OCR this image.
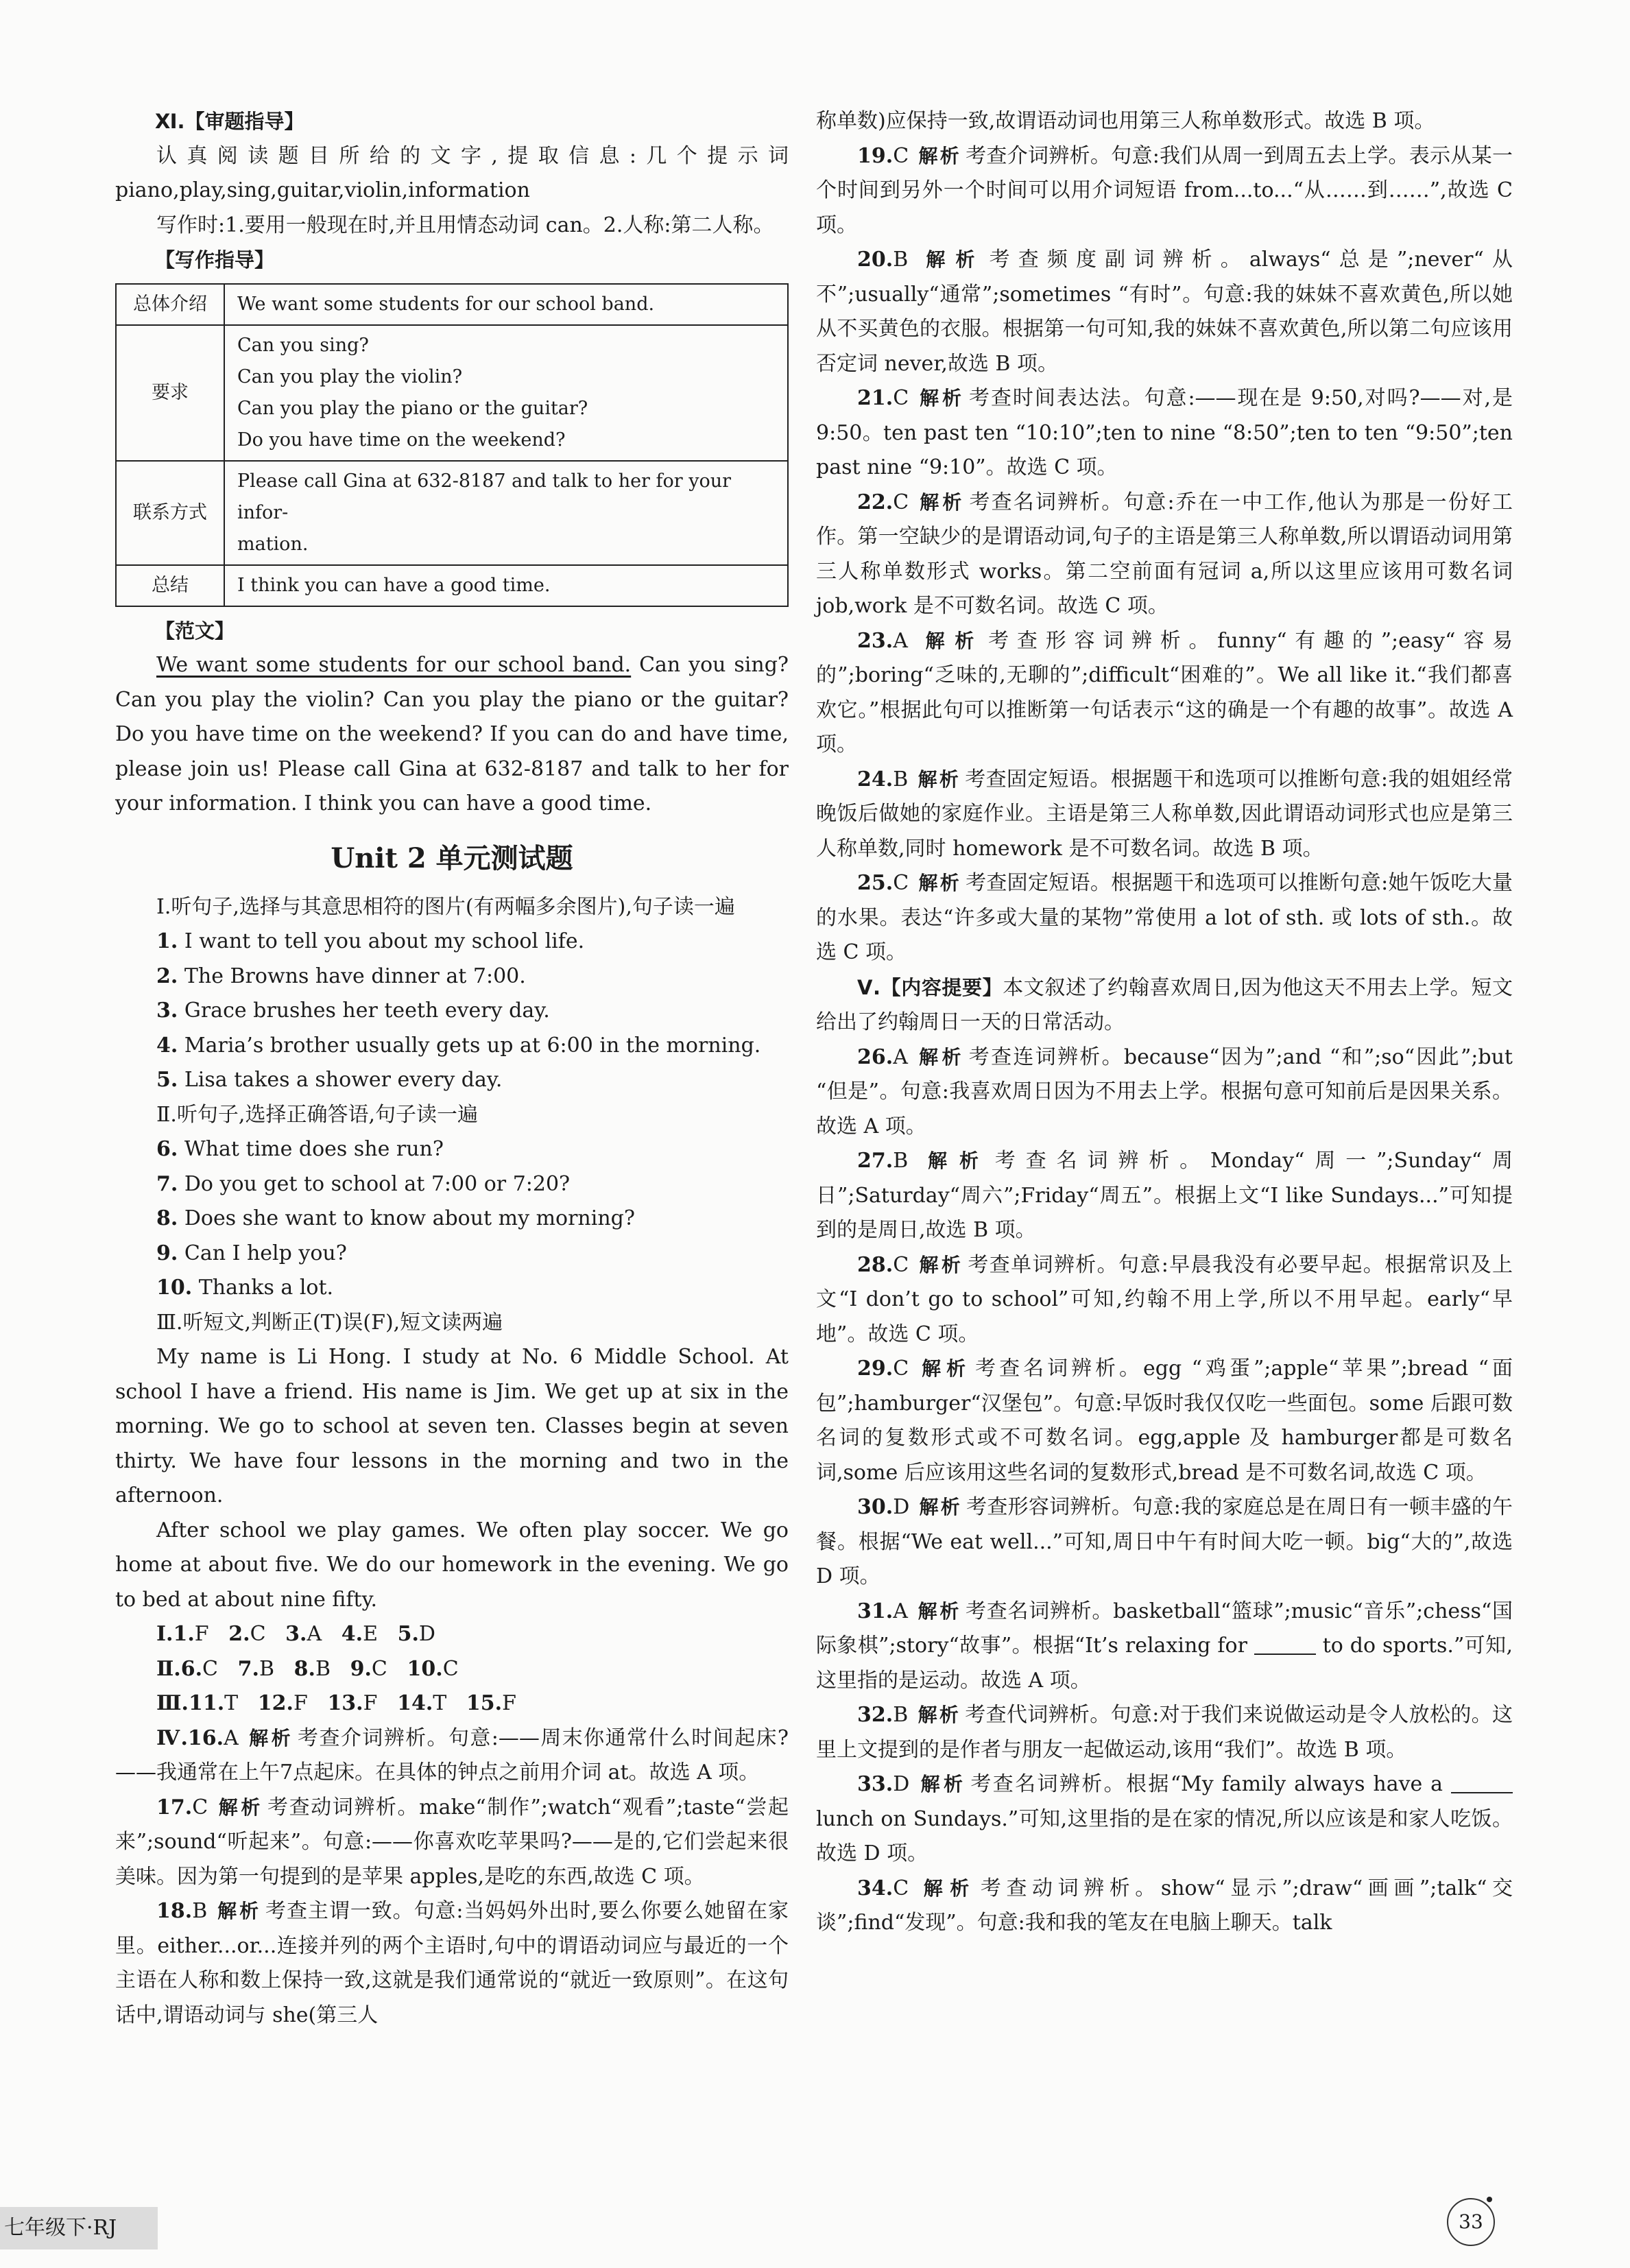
Ⅺ.【审题指导】

认真阅读题目所给的文字,提取信息:几个提示词 piano,play,sing,guitar,violin,information

写作时:1.要用一般现在时,并且用情态动词 can。2.人称:第二人称。

【写作指导】

总体介绍	We want some students for our school band.

要求	Can you sing?
Can you play the violin?
Can you play the piano or the guitar?
Do you have time on the weekend?

联系方式	Please call Gina at 632-8187 and talk to her for your infor-
mation.

总结	I think you can have a good time.

【范文】

We want some students for our school band. Can you sing? Can you play the violin? Can you play the piano or the guitar? Do you have time on the weekend? If you can do and have time, please join us! Please call Gina at 632-8187 and talk to her for your information. I think you can have a good time.

Unit 2 单元测试题

Ⅰ.听句子,选择与其意思相符的图片(有两幅多余图片),句子读一遍

1. I want to tell you about my school life.

2. The Browns have dinner at 7:00.

3. Grace brushes her teeth every day.

4. Maria’s brother usually gets up at 6:00 in the morning.

5. Lisa takes a shower every day.

Ⅱ.听句子,选择正确答语,句子读一遍

6. What time does she run?

7. Do you get to school at 7:00 or 7:20?

8. Does she want to know about my morning?

9. Can I help you?

10. Thanks a lot.

Ⅲ.听短文,判断正(T)误(F),短文读两遍

My name is Li Hong. I study at No. 6 Middle School. At school I have a friend. His name is Jim. We get up at six in the morning. We go to school at seven ten. Classes begin at seven thirty. We have four lessons in the morning and two in the afternoon.

After school we play games. We often play soccer. We go home at about five. We do our homework in the evening. We go to bed at about nine fifty.

Ⅰ.1.F 2.C 3.A 4.E 5.D

Ⅱ.6.C 7.B 8.B 9.C 10.C

Ⅲ.11.T 12.F 13.F 14.T 15.F

Ⅳ.16.A 解析 考查介词辨析。句意:——周末你通常什么时间起床?——我通常在上午7点起床。在具体的钟点之前用介词 at。故选 A 项。

17.C 解析 考查动词辨析。make“制作”;watch“观看”;taste“尝起来”;sound“听起来”。句意:——你喜欢吃苹果吗?——是的,它们尝起来很美味。因为第一句提到的是苹果 apples,是吃的东西,故选 C 项。

18.B 解析 考查主谓一致。句意:当妈妈外出时,要么你要么她留在家里。either...or...连接并列的两个主语时,句中的谓语动词应与最近的一个主语在人称和数上保持一致,这就是我们通常说的“就近一致原则”。在这句话中,谓语动词与 she(第三人

称单数)应保持一致,故谓语动词也用第三人称单数形式。故选 B 项。

19.C 解析 考查介词辨析。句意:我们从周一到周五去上学。表示从某一个时间到另外一个时间可以用介词短语 from...to...“从……到……”,故选 C 项。

20.B 解析 考查频度副词辨析。always“总是”;never“从不”;usually“通常”;sometimes “有时”。句意:我的妹妹不喜欢黄色,所以她从不买黄色的衣服。根据第一句可知,我的妹妹不喜欢黄色,所以第二句应该用否定词 never,故选 B 项。

21.C 解析 考查时间表达法。句意:——现在是 9:50,对吗?——对,是 9:50。ten past ten “10:10”;ten to nine “8:50”;ten to ten “9:50”;ten past nine “9:10”。故选 C 项。

22.C 解析 考查名词辨析。句意:乔在一中工作,他认为那是一份好工作。第一空缺少的是谓语动词,句子的主语是第三人称单数,所以谓语动词用第三人称单数形式 works。第二空前面有冠词 a,所以这里应该用可数名词 job,work 是不可数名词。故选 C 项。

23.A 解析 考查形容词辨析。funny“有趣的”;easy“容易的”;boring“乏味的,无聊的”;difficult“困难的”。We all like it.“我们都喜欢它。”根据此句可以推断第一句话表示“这的确是一个有趣的故事”。故选 A 项。

24.B 解析 考查固定短语。根据题干和选项可以推断句意:我的姐姐经常晚饭后做她的家庭作业。主语是第三人称单数,因此谓语动词形式也应是第三人称单数,同时 homework 是不可数名词。故选 B 项。

25.C 解析 考查固定短语。根据题干和选项可以推断句意:她午饭吃大量的水果。表达“许多或大量的某物”常使用 a lot of sth. 或 lots of sth.。故选 C 项。

Ⅴ.【内容提要】本文叙述了约翰喜欢周日,因为他这天不用去上学。短文给出了约翰周日一天的日常活动。

26.A 解析 考查连词辨析。because“因为”;and “和”;so“因此”;but “但是”。句意:我喜欢周日因为不用去上学。根据句意可知前后是因果关系。故选 A 项。

27.B 解析 考查名词辨析。Monday“周一”;Sunday“周日”;Saturday“周六”;Friday“周五”。根据上文“I like Sundays...”可知提到的是周日,故选 B 项。

28.C 解析 考查单词辨析。句意:早晨我没有必要早起。根据常识及上文“I don’t go to school”可知,约翰不用上学,所以不用早起。early“早地”。故选 C 项。

29.C 解析 考查名词辨析。egg “鸡蛋”;apple“苹果”;bread “面包”;hamburger“汉堡包”。句意:早饭时我仅仅吃一些面包。some 后跟可数名词的复数形式或不可数名词。egg,apple 及 hamburger都是可数名词,some 后应该用这些名词的复数形式,bread 是不可数名词,故选 C 项。

30.D 解析 考查形容词辨析。句意:我的家庭总是在周日有一顿丰盛的午餐。根据“We eat well...”可知,周日中午有时间大吃一顿。big“大的”,故选 D 项。

31.A 解析 考查名词辨析。basketball“篮球”;music“音乐”;chess“国际象棋”;story“故事”。根据“It’s relaxing for	to do sports.”可知,这里指的是运动。故选 A 项。

32.B 解析 考查代词辨析。句意:对于我们来说做运动是令人放松的。这里上文提到的是作者与朋友一起做运动,该用“我们”。故选 B 项。

33.D 解析 考查名词辨析。根据“My family always have a  lunch on Sundays.”可知,这里指的是在家的情况,所以应该是和家人吃饭。故选 D 项。

34.C 解析 考查动词辨析。show“显示”;draw“画画”;talk“交谈”;find“发现”。句意:我和我的笔友在电脑上聊天。talk

七年级下·RJ	33
